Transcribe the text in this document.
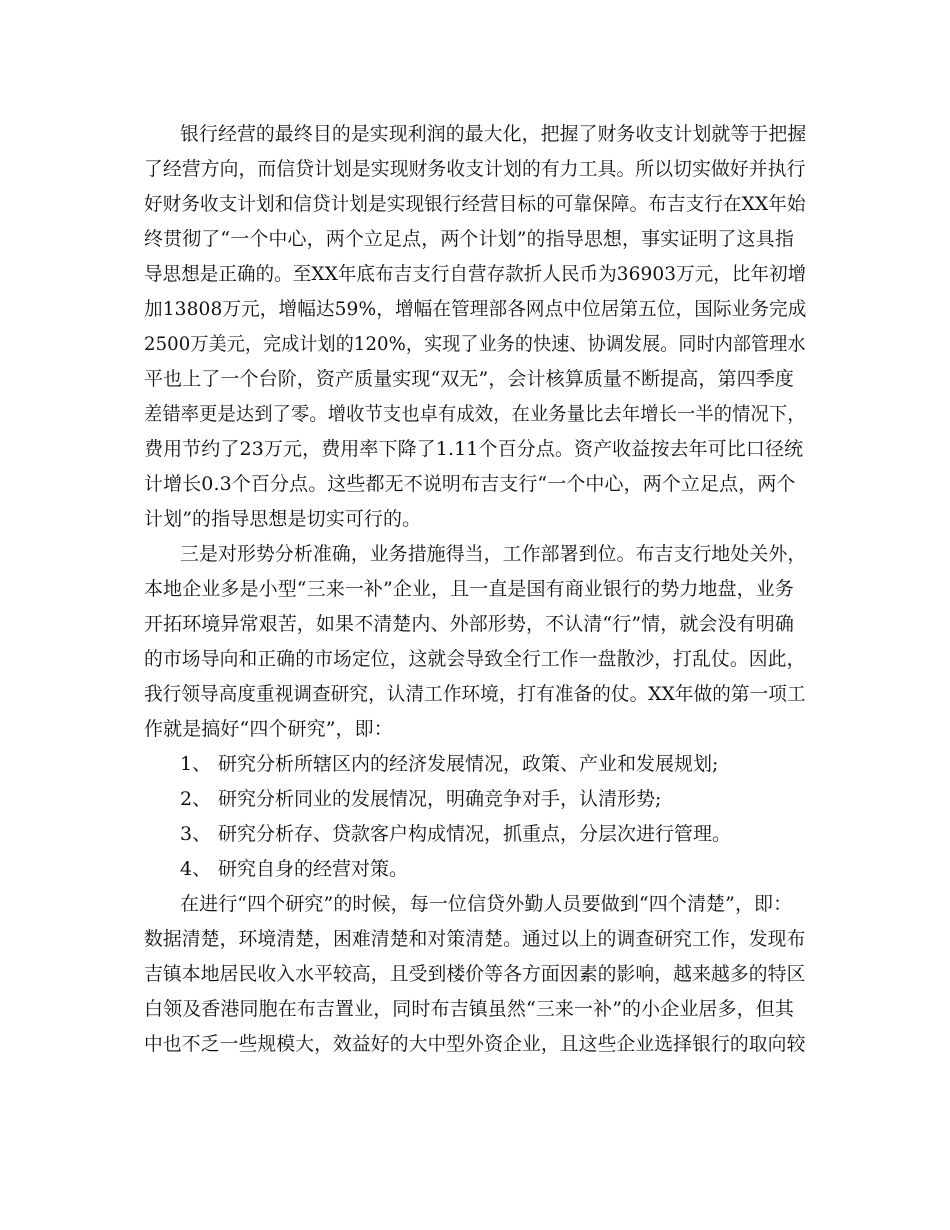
银行经营的最终目的是实现利润的最大化，把握了财务收支计划就等于把握
了经营方向，而信贷计划是实现财务收支计划的有力工具。所以切实做好并执行
好财务收支计划和信贷计划是实现银行经营目标的可靠保障。布吉支行在XX年始
终贯彻了“一个中心，两个立足点，两个计划”的指导思想，事实证明了这具指
导思想是正确的。至XX年底布吉支行自营存款折人民币为36903万元，比年初增
加13808万元，增幅达59%，增幅在管理部各网点中位居第五位，国际业务完成
2500万美元，完成计划的120%，实现了业务的快速、协调发展。同时内部管理水
平也上了一个台阶，资产质量实现“双无”，会计核算质量不断提高，第四季度
差错率更是达到了零。增收节支也卓有成效，在业务量比去年增长一半的情况下，
费用节约了23万元，费用率下降了1.11个百分点。资产收益按去年可比口径统
计增长0.3个百分点。这些都无不说明布吉支行“一个中心，两个立足点，两个
计划”的指导思想是切实可行的。
三是对形势分析准确，业务措施得当，工作部署到位。布吉支行地处关外，
本地企业多是小型“三来一补”企业，且一直是国有商业银行的势力地盘，业务
开拓环境异常艰苦，如果不清楚内、外部形势，不认清“行”情，就会没有明确
的市场导向和正确的市场定位，这就会导致全行工作一盘散沙，打乱仗。因此，
我行领导高度重视调查研究，认清工作环境，打有准备的仗。XX年做的第一项工
作就是搞好“四个研究”，即：
1、 研究分析所辖区内的经济发展情况，政策、产业和发展规划;
2、 研究分析同业的发展情况，明确竞争对手，认清形势;
3、 研究分析存、贷款客户构成情况，抓重点，分层次进行管理。
4、 研究自身的经营对策。
在进行“四个研究”的时候，每一位信贷外勤人员要做到“四个清楚”，即：
数据清楚，环境清楚，困难清楚和对策清楚。通过以上的调查研究工作，发现布
吉镇本地居民收入水平较高，且受到楼价等各方面因素的影响，越来越多的特区
白领及香港同胞在布吉置业，同时布吉镇虽然“三来一补”的小企业居多，但其
中也不乏一些规模大，效益好的大中型外资企业，且这些企业选择银行的取向较
